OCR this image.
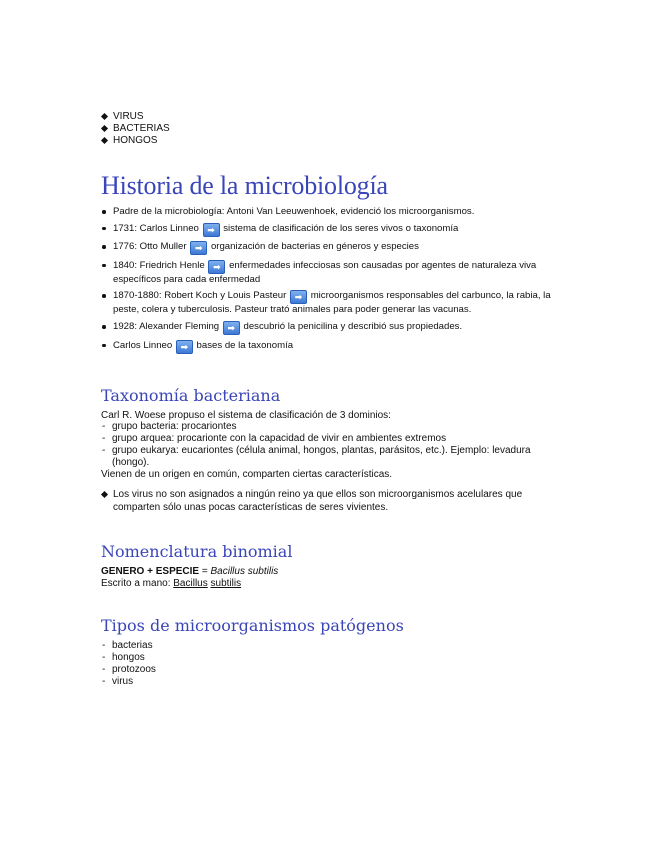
VIRUS
BACTERIAS
HONGOS
Historia de la microbiología
Padre de la microbiología: Antoni Van Leeuwenhoek, evidenció los microorganismos.
1731: Carlos Linneo ➡ sistema de clasificación de los seres vivos o taxonomía
1776: Otto Muller ➡ organización de bacterias en géneros y especies
1840: Friedrich Henle ➡ enfermedades infecciosas son causadas por agentes de naturaleza viva específicos para cada enfermedad
1870-1880: Robert Koch y Louis Pasteur ➡ microorganismos responsables del carbunco, la rabia, la peste, colera y tuberculosis. Pasteur trató animales para poder generar las vacunas.
1928: Alexander Fleming ➡ descubrió la penicilina y describió sus propiedades.
Carlos Linneo ➡ bases de la taxonomía
Taxonomía bacteriana
Carl R. Woese propuso el sistema de clasificación de 3 dominios:
- grupo bacteria: procariontes
- grupo arquea: procarionte con la capacidad de vivir en ambientes extremos
- grupo eukarya: eucariontes (célula animal, hongos, plantas, parásitos, etc.). Ejemplo: levadura (hongo).
Vienen de un origen en común, comparten ciertas características.
Los virus no son asignados a ningún reino ya que ellos son microorganismos acelulares que comparten sólo unas pocas características de seres vivientes.
Nomenclatura binomial
GENERO + ESPECIE = Bacillus subtilis
Escrito a mano: Bacillus subtilis
Tipos de microorganismos patógenos
- bacterias
- hongos
- protozoos
- virus
